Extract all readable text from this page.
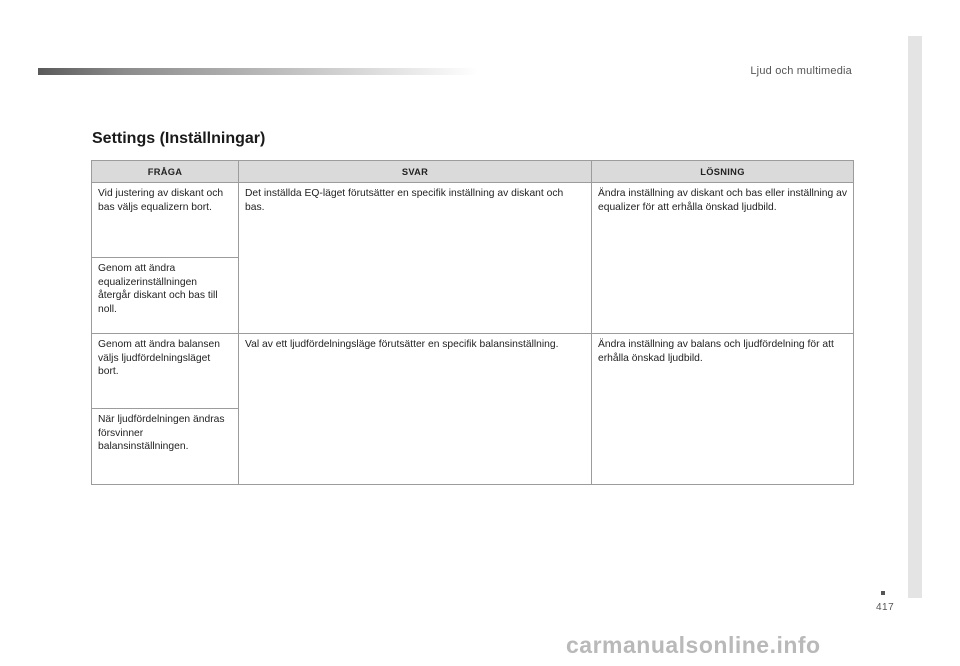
Ljud och multimedia
417
Settings (Inställningar)
FRÅGA	SVAR	LÖSNING
Vid justering av diskant och bas väljs equalizern bort.	Det inställda EQ-läget förutsätter en specifik inställning av diskant och bas.	Ändra inställning av diskant och bas eller inställning av equalizer för att erhålla önskad ljudbild.
Genom att ändra equalizerinställningen återgår diskant och bas till noll.		
Genom att ändra balansen väljs ljudfördelningsläget bort.	Val av ett ljudfördelningsläge förutsätter en specifik balansinställning.	Ändra inställning av balans och ljudfördelning för att erhålla önskad ljudbild.
När ljudfördelningen ändras försvinner balansinställningen.		
carmanualsonline.info
